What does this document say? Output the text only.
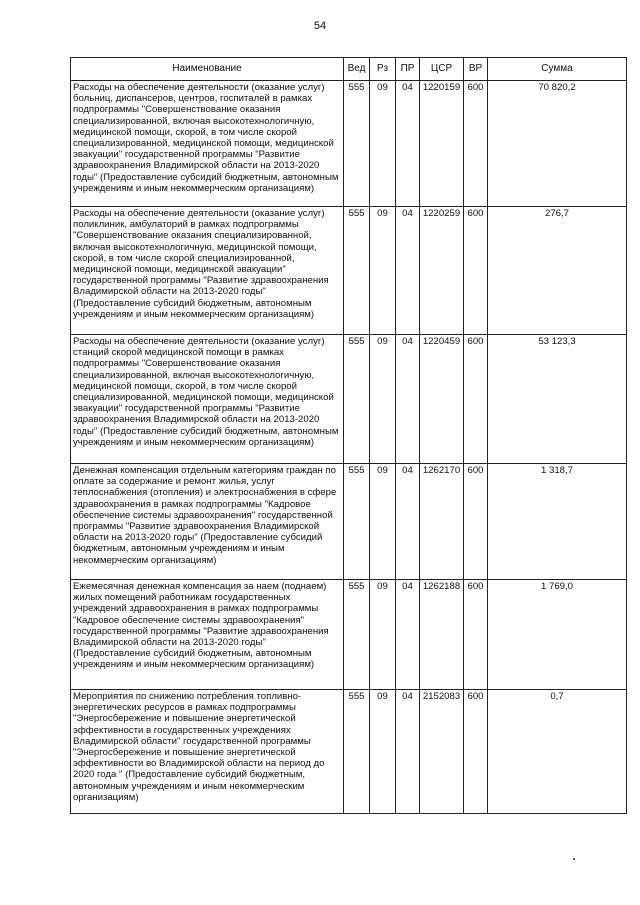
54
Наименование	Вед	Рз	ПР	ЦСР	ВР	Сумма
Расходы на обеспечение деятельности (оказание услуг) больниц, диспансеров, центров, госпиталей в рамках подпрограммы "Совершенствование оказания специализированной, включая высокотехнологичную, медицинской помощи, скорой, в том числе скорой специализированной, медицинской помощи, медицинской эвакуации" государственной программы "Развитие здравоохранения Владимирской области на 2013-2020 годы" (Предоставление субсидий бюджетным, автономным учреждениям и иным некоммерческим организациям)	555	09	04	1220159	600	70 820,2
Расходы на обеспечение деятельности (оказание услуг) поликлиник, амбулаторий в рамках подпрограммы "Совершенствование оказания специализированной, включая высокотехнологичную, медицинской помощи, скорой, в том числе скорой специализированной, медицинской помощи, медицинской эвакуации" государственной программы "Развитие здравоохранения Владимирской области на 2013-2020 годы" (Предоставление субсидий бюджетным, автономным учреждениям и иным некоммерческим организациям)	555	09	04	1220259	600	276,7
Расходы на обеспечение деятельности (оказание услуг) станций скорой медицинской помощи в рамках подпрограммы "Совершенствование оказания специализированной, включая высокотехнологичную, медицинской помощи, скорой, в том числе скорой специализированной, медицинской помощи, медицинской эвакуации" государственной программы "Развитие здравоохранения Владимирской области на 2013-2020 годы" (Предоставление субсидий бюджетным, автономным учреждениям и иным некоммерческим организациям)	555	09	04	1220459	600	53 123,3
Денежная компенсация отдельным категориям граждан по оплате за содержание и ремонт жилья, услуг теплоснабжения (отопления) и электроснабжения в сфере здравоохранения в рамках подпрограммы "Кадровое обеспечение системы здравоохранения" государственной программы "Развитие здравоохранения Владимирской области на 2013-2020 годы" (Предоставление субсидий бюджетным, автономным учреждениям и иным некоммерческим организациям)	555	09	04	1262170	600	1 318,7
Ежемесячная денежная компенсация за наем (поднаем) жилых помещений работникам государственных учреждений здравоохранения в рамках подпрограммы "Кадровое обеспечение системы здравоохранения" государственной программы "Развитие здравоохранения Владимирской области на 2013-2020 годы" (Предоставление субсидий бюджетным, автономным учреждениям и иным некоммерческим организациям)	555	09	04	1262188	600	1 769,0
Мероприятия по снижению потребления топливно-энергетических ресурсов в рамках подпрограммы "Энергосбережение и повышение энергетической эффективности в государственных учреждениях Владимирской области" государственной программы "Энергосбережение и повышение энергетической эффективности во Владимирской области на период до 2020 года " (Предоставление субсидий бюджетным, автономным учреждениям и иным некоммерческим организациям)	555	09	04	2152083	600	0,7
